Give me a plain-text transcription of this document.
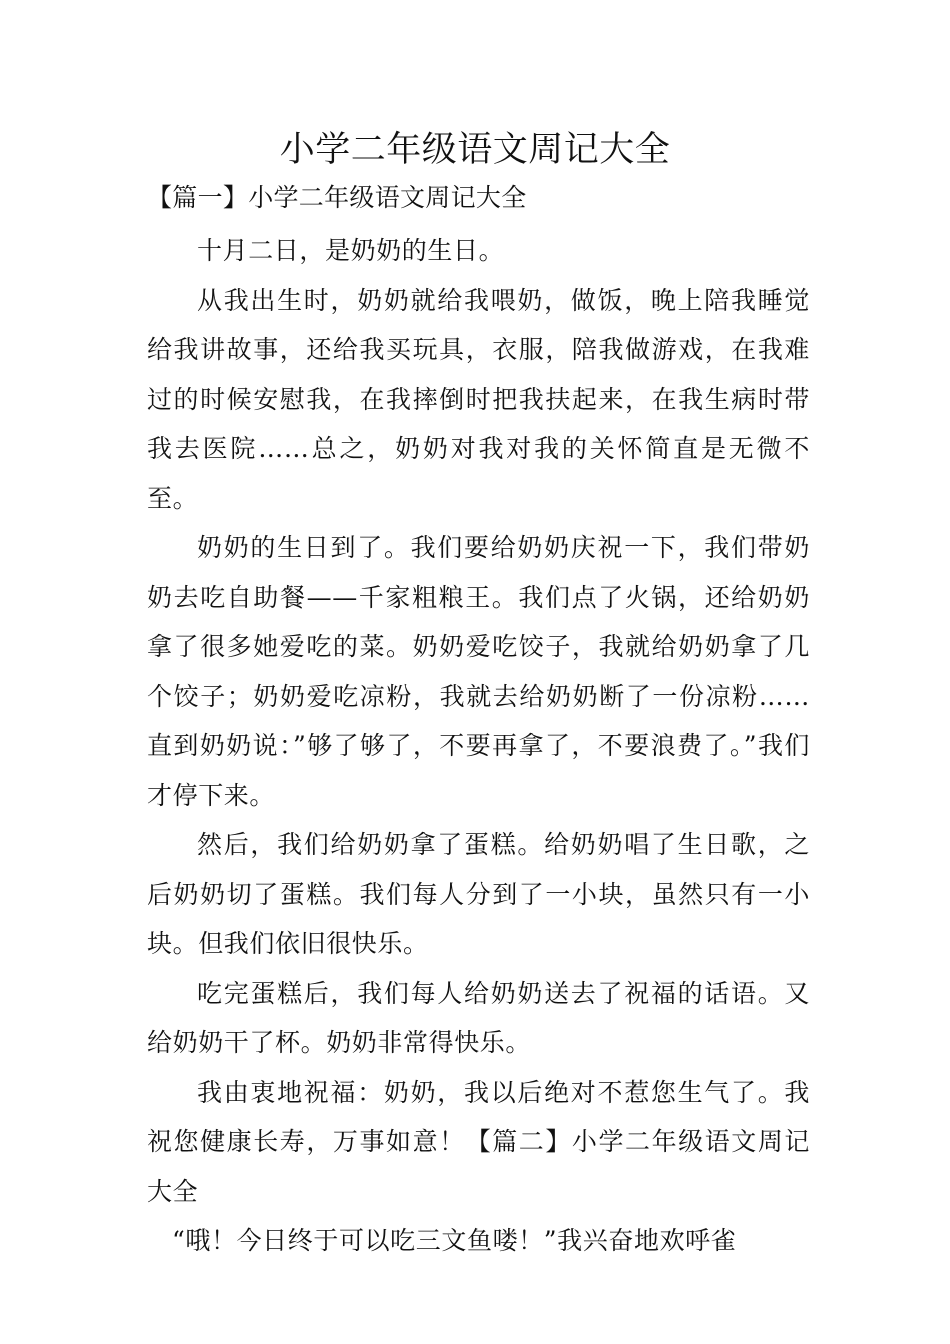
小学二年级语文周记大全
【篇一】小学二年级语文周记大全

十月二日，是奶奶的生日。

从我出生时，奶奶就给我喂奶，做饭，晚上陪我睡觉给我讲故事，还给我买玩具，衣服，陪我做游戏，在我难过的时候安慰我，在我摔倒时把我扶起来，在我生病时带我去医院……总之，奶奶对我对我的关怀简直是无微不至。

奶奶的生日到了。我们要给奶奶庆祝一下，我们带奶奶去吃自助餐——千家粗粮王。我们点了火锅，还给奶奶拿了很多她爱吃的菜。奶奶爱吃饺子，我就给奶奶拿了几个饺子；奶奶爱吃凉粉，我就去给奶奶断了一份凉粉……直到奶奶说：”够了够了，不要再拿了，不要浪费了。”我们才停下来。

然后，我们给奶奶拿了蛋糕。给奶奶唱了生日歌，之后奶奶切了蛋糕。我们每人分到了一小块，虽然只有一小块。但我们依旧很快乐。

吃完蛋糕后，我们每人给奶奶送去了祝福的话语。又给奶奶干了杯。奶奶非常得快乐。

我由衷地祝福：奶奶，我以后绝对不惹您生气了。我祝您健康长寿，万事如意！【篇二】小学二年级语文周记大全

“哦！今日终于可以吃三文鱼喽！”我兴奋地欢呼雀
